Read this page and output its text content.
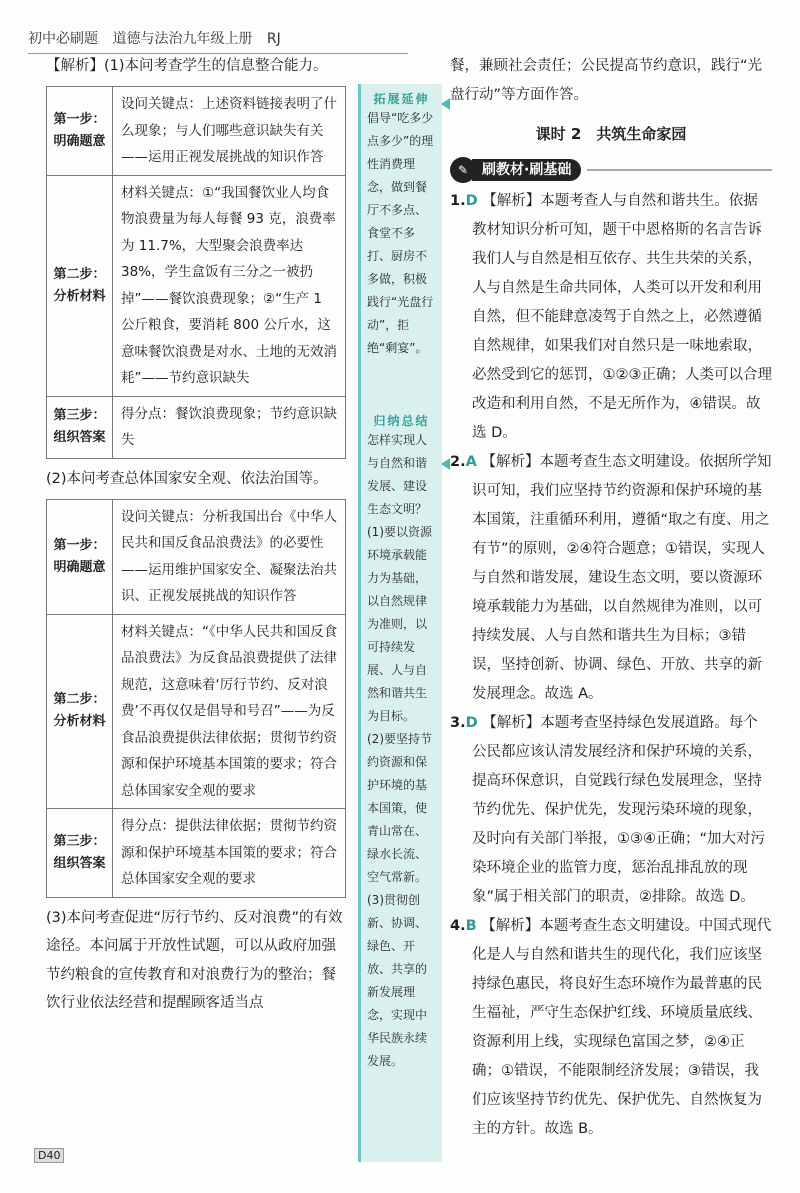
初中必刷题 道德与法治九年级上册 RJ

【解析】(1)本问考查学生的信息整合能力。

第一步：明确题意	设问关键点：上述资料链接表明了什么现象；与人们哪些意识缺失有关——运用正视发展挑战的知识作答
第二步：分析材料	材料关键点：①“我国餐饮业人均食物浪费量为每人每餐 93 克，浪费率为 11.7%，大型聚会浪费率达 38%，学生盒饭有三分之一被扔掉”——餐饮浪费现象；②“生产 1 公斤粮食，要消耗 800 公斤水，这意味餐饮浪费是对水、土地的无效消耗”——节约意识缺失
第三步：组织答案	得分点：餐饮浪费现象；节约意识缺失

(2)本问考查总体国家安全观、依法治国等。

第一步：明确题意	设问关键点：分析我国出台《中华人民共和国反食品浪费法》的必要性——运用维护国家安全、凝聚法治共识、正视发展挑战的知识作答
第二步：分析材料	材料关键点：“《中华人民共和国反食品浪费法》为反食品浪费提供了法律规范，这意味着‘厉行节约、反对浪费’不再仅仅是倡导和号召”——为反食品浪费提供法律依据；贯彻节约资源和保护环境基本国策的要求；符合总体国家安全观的要求
第三步：组织答案	得分点：提供法律依据；贯彻节约资源和保护环境基本国策的要求；符合总体国家安全观的要求

(3)本问考查促进“厉行节约、反对浪费”的有效途径。本问属于开放性试题，可以从政府加强节约粮食的宣传教育和对浪费行为的整治；餐饮行业依法经营和提醒顾客适当点

拓展延伸
倡导“吃多少点多少”的理性消费理念，做到餐厅不多点、食堂不多打、厨房不多做，积极践行“光盘行动”，拒绝“剩宴”。
归纳总结
怎样实现人与自然和谐发展、建设生态文明？
(1)要以资源环境承载能力为基础，以自然规律为准则，以可持续发展、人与自然和谐共生为目标。
(2)要坚持节约资源和保护环境的基本国策，使青山常在、绿水长流、空气常新。
(3)贯彻创新、协调、绿色、开放、共享的新发展理念，实现中华民族永续发展。

餐，兼顾社会责任；公民提高节约意识，践行“光盘行动”等方面作答。

课时 2　共筑生命家园

✎ 刷教材·刷基础
1.D 【解析】本题考查人与自然和谐共生。依据教材知识分析可知，题干中恩格斯的名言告诉我们人与自然是相互依存、共生共荣的关系，人与自然是生命共同体，人类可以开发和利用自然，但不能肆意凌驾于自然之上，必然遵循自然规律，如果我们对自然只是一味地索取，必然受到它的惩罚，①②③正确；人类可以合理改造和利用自然，不是无所作为，④错误。故选 D。
2.A 【解析】本题考查生态文明建设。依据所学知识可知，我们应坚持节约资源和保护环境的基本国策，注重循环利用，遵循“取之有度、用之有节”的原则，②④符合题意；①错误，实现人与自然和谐发展，建设生态文明，要以资源环境承载能力为基础，以自然规律为准则，以可持续发展、人与自然和谐共生为目标；③错误，坚持创新、协调、绿色、开放、共享的新发展理念。故选 A。
3.D 【解析】本题考查坚持绿色发展道路。每个公民都应该认清发展经济和保护环境的关系，提高环保意识，自觉践行绿色发展理念，坚持节约优先、保护优先，发现污染环境的现象，及时向有关部门举报，①③④正确；“加大对污染环境企业的监管力度，惩治乱排乱放的现象”属于相关部门的职责，②排除。故选 D。
4.B 【解析】本题考查生态文明建设。中国式现代化是人与自然和谐共生的现代化，我们应该坚持绿色惠民，将良好生态环境作为最普惠的民生福祉，严守生态保护红线、环境质量底线、资源利用上线，实现绿色富国之梦，②④正确；①错误，不能限制经济发展；③错误，我们应该坚持节约优先、保护优先、自然恢复为主的方针。故选 B。
D40
